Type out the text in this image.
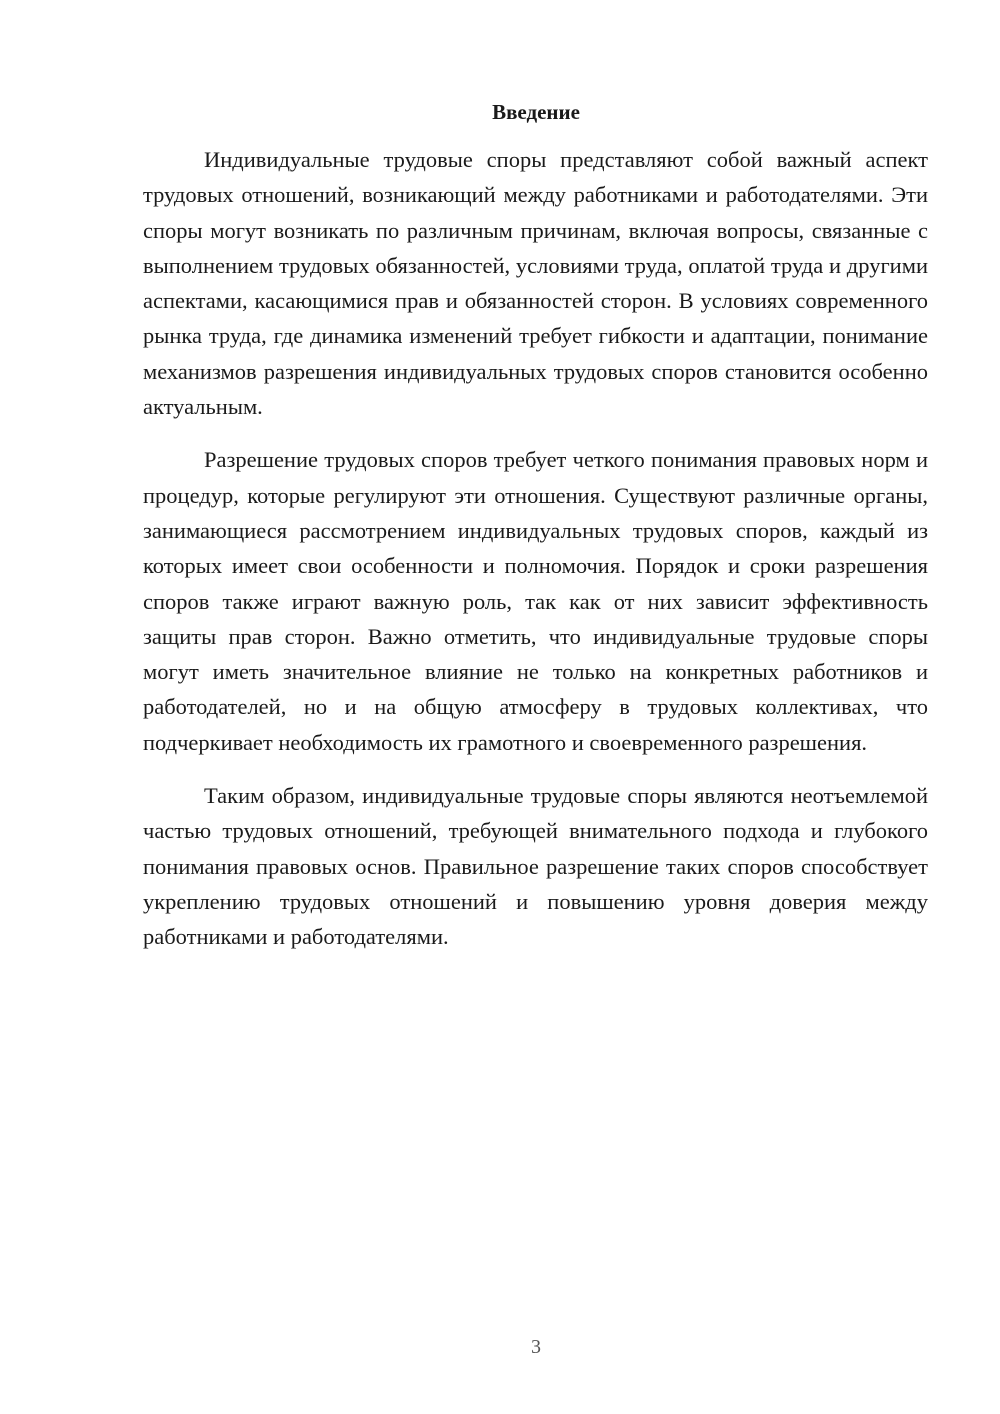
Введение

Индивидуальные трудовые споры представляют собой важный аспект трудовых отношений, возникающий между работниками и работодателями. Эти споры могут возникать по различным причинам, включая вопросы, связанные с выполнением трудовых обязанностей, условиями труда, оплатой труда и другими аспектами, касающимися прав и обязанностей сторон. В условиях современного рынка труда, где динамика изменений требует гибкости и адаптации, понимание механизмов разрешения индивидуальных трудовых споров становится особенно актуальным.

Разрешение трудовых споров требует четкого понимания правовых норм и процедур, которые регулируют эти отношения. Существуют различные органы, занимающиеся рассмотрением индивидуальных трудовых споров, каждый из которых имеет свои особенности и полномочия. Порядок и сроки разрешения споров также играют важную роль, так как от них зависит эффективность защиты прав сторон. Важно отметить, что индивидуальные трудовые споры могут иметь значительное влияние не только на конкретных работников и работодателей, но и на общую атмосферу в трудовых коллективах, что подчеркивает необходимость их грамотного и своевременного разрешения.

Таким образом, индивидуальные трудовые споры являются неотъемлемой частью трудовых отношений, требующей внимательного подхода и глубокого понимания правовых основ. Правильное разрешение таких споров способствует укреплению трудовых отношений и повышению уровня доверия между работниками и работодателями.

3
